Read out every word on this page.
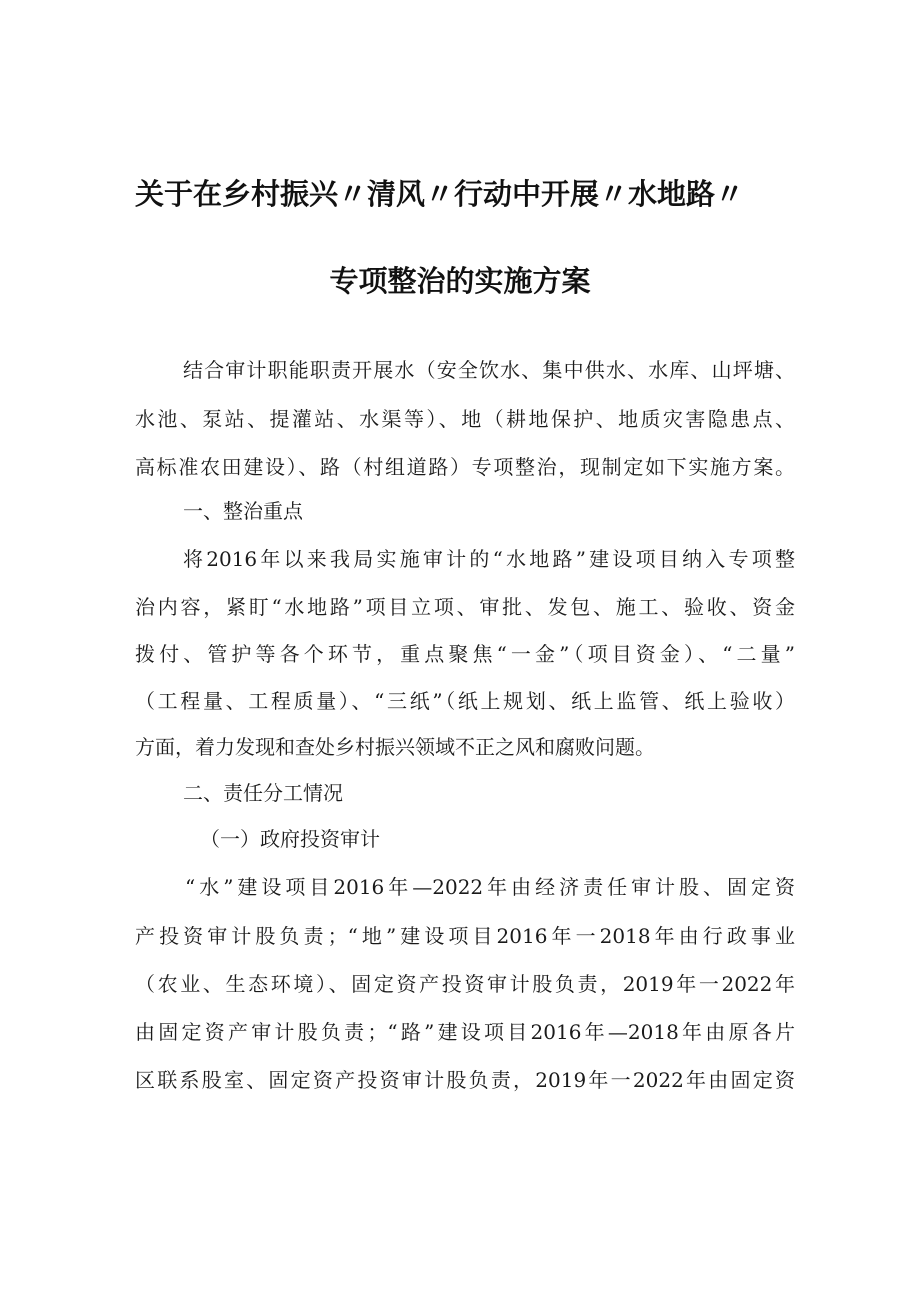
关于在乡村振兴〃清风〃行动中开展〃水地路〃
专项整治的实施方案
结合审计职能职责开展水（安全饮水、集中供水、水库、山坪塘、
水池、泵站、提灌站、水渠等）、地（耕地保护、地质灾害隐患点、
高标准农田建设）、路（村组道路）专项整治，现制定如下实施方案。
一、整治重点
将2016年以来我局实施审计的“水地路”建设项目纳入专项整
治内容，紧盯“水地路”项目立项、审批、发包、施工、验收、资金
拨付、管护等各个环节，重点聚焦“一金”（项目资金）、“二量”
（工程量、工程质量）、“三纸”（纸上规划、纸上监管、纸上验收）
方面，着力发现和查处乡村振兴领域不正之风和腐败问题。
二、责任分工情况
（一）政府投资审计
“水”建设项目2016年—2022年由经济责任审计股、固定资
产投资审计股负责；“地”建设项目2016年一2018年由行政事业
（农业、生态环境）、固定资产投资审计股负责，2019年一2022年
由固定资产审计股负责；“路”建设项目2016年—2018年由原各片
区联系股室、固定资产投资审计股负责，2019年一2022年由固定资
